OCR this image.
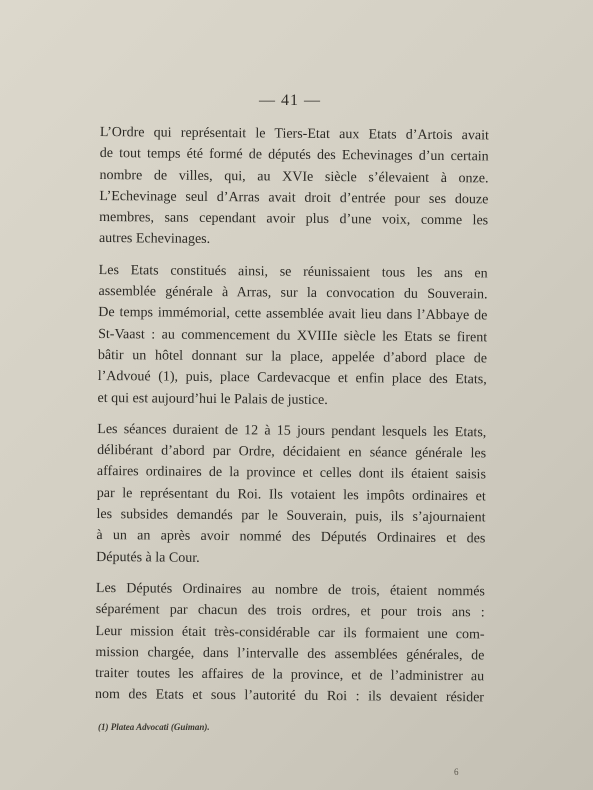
— 41 —

L’Ordre qui représentait le Tiers-Etat aux Etats d’Artois avait
de tout temps été formé de députés des Echevinages d’un certain
nombre de villes, qui, au XVIe siècle s’élevaient à onze.
L’Echevinage seul d’Arras avait droit d’entrée pour ses douze
membres, sans cependant avoir plus d’une voix, comme les
autres Echevinages.

Les Etats constitués ainsi, se réunissaient tous les ans en
assemblée générale à Arras, sur la convocation du Souverain.
De temps immémorial, cette assemblée avait lieu dans l’Abbaye de
St-Vaast : au commencement du XVIIIe siècle les Etats se firent
bâtir un hôtel donnant sur la place, appelée d’abord place de
l’Advoué (1), puis, place Cardevacque et enfin place des Etats,
et qui est aujourd’hui le Palais de justice.

Les séances duraient de 12 à 15 jours pendant lesquels les Etats,
délibérant d’abord par Ordre, décidaient en séance générale les
affaires ordinaires de la province et celles dont ils étaient saisis
par le représentant du Roi. Ils votaient les impôts ordinaires et
les subsides demandés par le Souverain, puis, ils s’ajournaient
à un an après avoir nommé des Députés Ordinaires et des
Députés à la Cour.

Les Députés Ordinaires au nombre de trois, étaient nommés
séparément par chacun des trois ordres, et pour trois ans :
Leur mission était très-considérable car ils formaient une com-
mission chargée, dans l’intervalle des assemblées générales, de
traiter toutes les affaires de la province, et de l’administrer au
nom des Etats et sous l’autorité du Roi : ils devaient résider

(1) Platea Advocati (Guiman).
6
